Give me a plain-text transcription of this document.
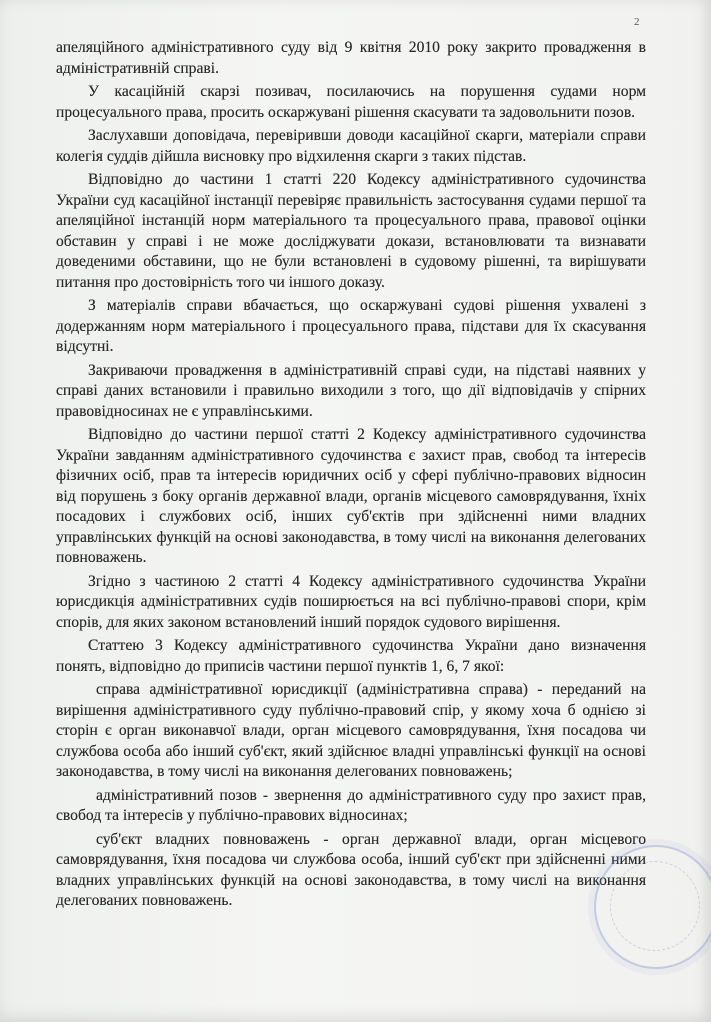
2

апеляційного адміністративного суду від 9 квітня 2010 року закрито провадження в адміністративній справі.

У касаційній скарзі позивач, посилаючись на порушення судами норм процесуального права, просить оскаржувані рішення скасувати та задовольнити позов.

Заслухавши доповідача, перевіривши доводи касаційної скарги, матеріали справи колегія суддів дійшла висновку про відхилення скарги з таких підстав.

Відповідно до частини 1 статті 220 Кодексу адміністративного судочинства України суд касаційної інстанції перевіряє правильність застосування судами першої та апеляційної інстанцій норм матеріального та процесуального права, правової оцінки обставин у справі і не може досліджувати докази, встановлювати та визнавати доведеними обставини, що не були встановлені в судовому рішенні, та вирішувати питання про достовірність того чи іншого доказу.

З матеріалів справи вбачається, що оскаржувані судові рішення ухвалені з додержанням норм матеріального і процесуального права, підстави для їх скасування відсутні.

Закриваючи провадження в адміністративній справі суди, на підставі наявних у справі даних встановили і правильно виходили з того, що дії відповідачів у спірних правовідносинах не є управлінськими.

Відповідно до частини першої статті 2 Кодексу адміністративного судочинства України завданням адміністративного судочинства є захист прав, свобод та інтересів фізичних осіб, прав та інтересів юридичних осіб у сфері публічно-правових відносин від порушень з боку органів державної влади, органів місцевого самоврядування, їхніх посадових і службових осіб, інших суб'єктів при здійсненні ними владних управлінських функцій на основі законодавства, в тому числі на виконання делегованих повноважень.

Згідно з частиною 2 статті 4 Кодексу адміністративного судочинства України юрисдикція адміністративних судів поширюється на всі публічно-правові спори, крім спорів, для яких законом встановлений інший порядок судового вирішення.

Статтею 3 Кодексу адміністративного судочинства України дано визначення понять, відповідно до приписів частини першої пунктів 1, 6, 7 якої:

справа адміністративної юрисдикції (адміністративна справа) - переданий на вирішення адміністративного суду публічно-правовий спір, у якому хоча б однією зі сторін є орган виконавчої влади, орган місцевого самоврядування, їхня посадова чи службова особа або інший суб'єкт, який здійснює владні управлінські функції на основі законодавства, в тому числі на виконання делегованих повноважень;

адміністративний позов - звернення до адміністративного суду про захист прав, свобод та інтересів у публічно-правових відносинах;

суб'єкт владних повноважень - орган державної влади, орган місцевого самоврядування, їхня посадова чи службова особа, інший суб'єкт при здійсненні ними владних управлінських функцій на основі законодавства, в тому числі на виконання делегованих повноважень.
